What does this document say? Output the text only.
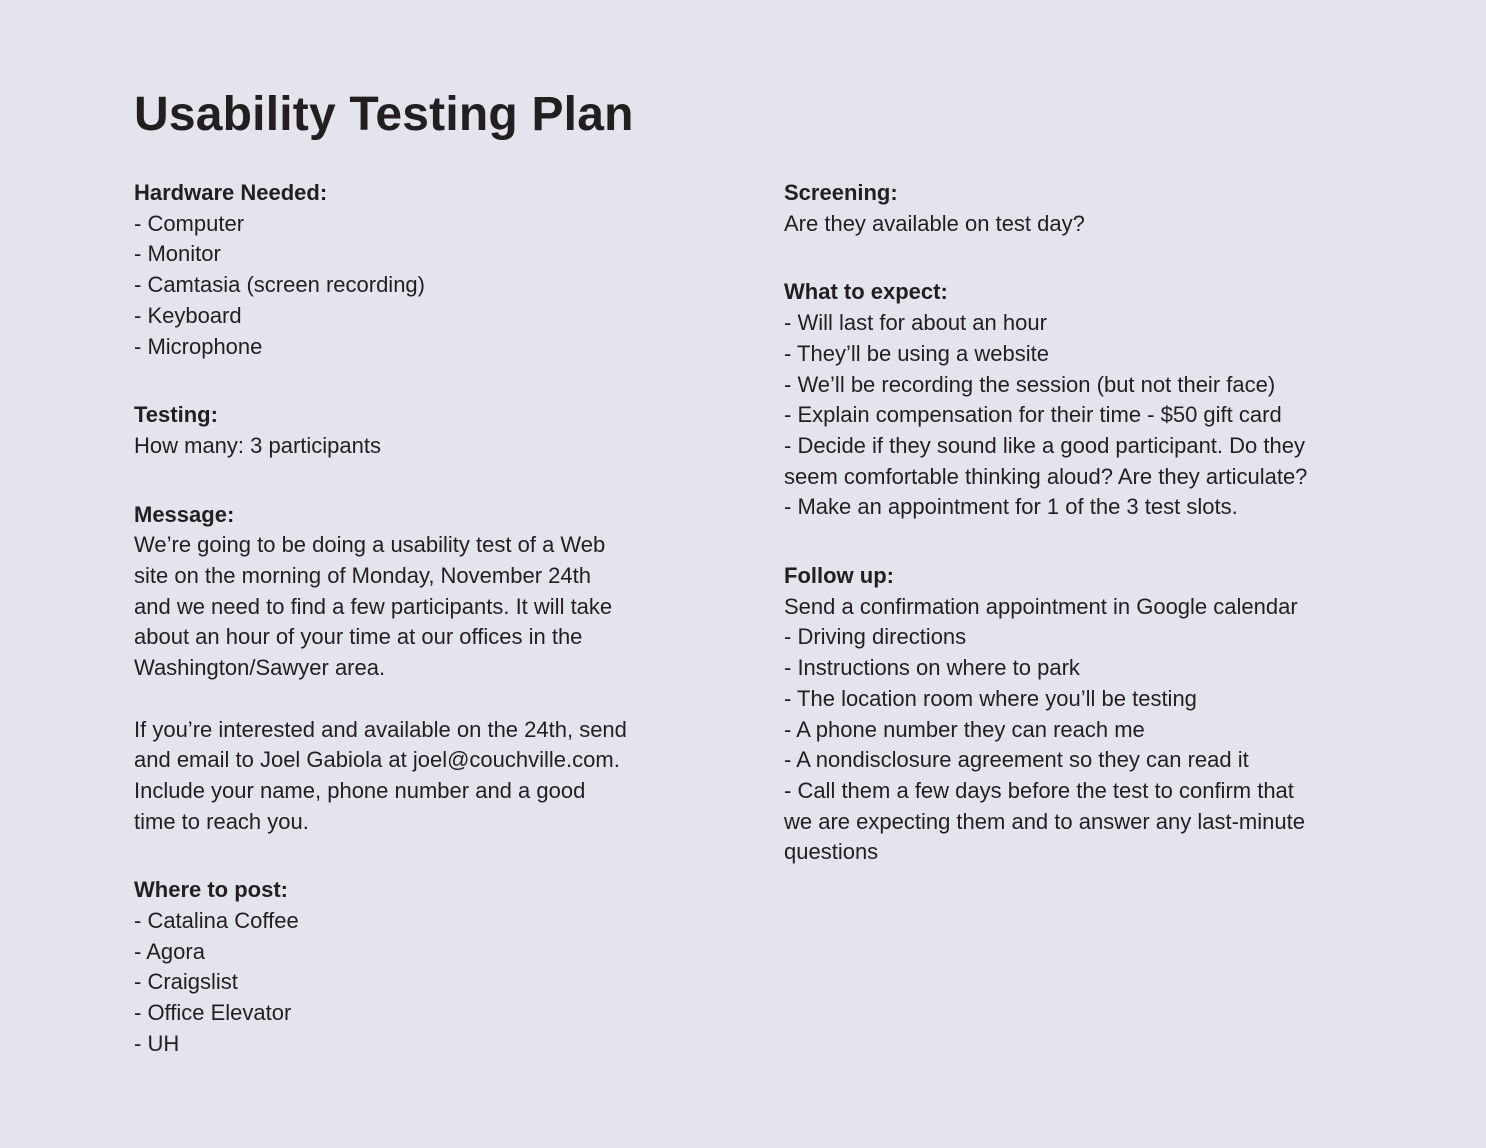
Usability Testing Plan

Hardware Needed:

- Computer

- Monitor

- Camtasia (screen recording)

- Keyboard

- Microphone

Testing:

How many: 3 participants

Message:

We’re going to be doing a usability test of a Web

site on the morning of Monday, November 24th

and we need to find a few participants. It will take

about an hour of your time at our offices in the

Washington/Sawyer area.

If you’re interested and available on the 24th, send

and email to Joel Gabiola at joel@couchville.com.

Include your name, phone number and a good

time to reach you.

Where to post:

- Catalina Coffee

- Agora

- Craigslist

- Office Elevator

- UH

Screening:

Are they available on test day?

What to expect:

- Will last for about an hour

- They’ll be using a website

- We’ll be recording the session (but not their face)

- Explain compensation for their time - $50 gift card

- Decide if they sound like a good participant. Do they

seem comfortable thinking aloud? Are they articulate?

- Make an appointment for 1 of the 3 test slots.

Follow up:

Send a confirmation appointment in Google calendar

- Driving directions

- Instructions on where to park

- The location room where you’ll be testing

- A phone number they can reach me

- A nondisclosure agreement so they can read it

- Call them a few days before the test to confirm that

we are expecting them and to answer any last-minute

questions
